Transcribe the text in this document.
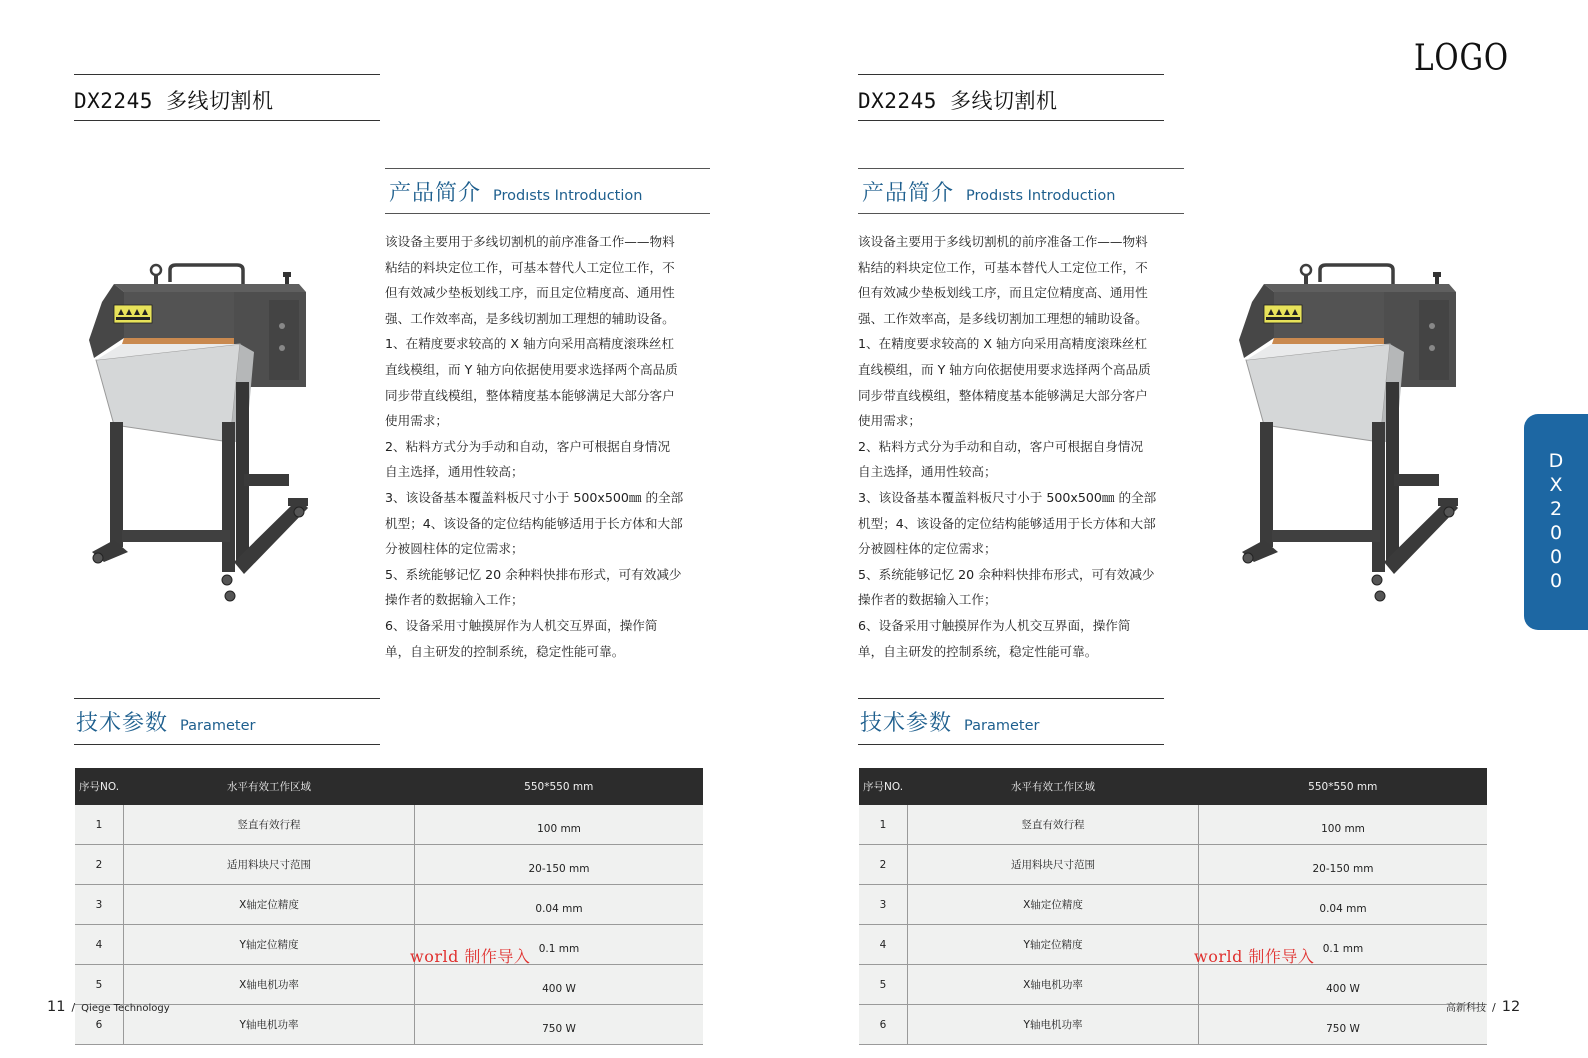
DX2245 多线切割机
产品简介 Prodısts Introduction

该设备主要用于多线切割机的前序准备工作——物料

粘结的料块定位工作，可基本替代人工定位工作，不

但有效减少垫板划线工序，而且定位精度高、通用性

强、工作效率高，是多线切割加工理想的辅助设备。

1、在精度要求较高的 X 轴方向采用高精度滚珠丝杠

直线模组，而 Y 轴方向依据使用要求选择两个高品质

同步带直线模组，整体精度基本能够满足大部分客户

使用需求；

2、粘料方式分为手动和自动，客户可根据自身情况

自主选择，通用性较高；

3、该设备基本覆盖料板尺寸小于 500x500㎜ 的全部

机型；4、该设备的定位结构能够适用于长方体和大部

分被圆柱体的定位需求；

5、系统能够记忆 20 余种料快排布形式，可有效减少

操作者的数据输入工作；

6、设备采用寸触摸屏作为人机交互界面，操作简

单，自主研发的控制系统，稳定性能可靠。

技术参数 Parameter
序号NO.	水平有效工作区域	550*550 mm
1	竖直有效行程	100 mm
2	适用料块尺寸范围	20-150 mm
3	X轴定位精度	0.04 mm
4	Y轴定位精度	0.1 mm
5	X轴电机功率	400 W
6	Y轴电机功率	750 W
world 制作导入
11 / Qiege Technology
DX2245 多线切割机
产品简介 Prodısts Introduction

该设备主要用于多线切割机的前序准备工作——物料

粘结的料块定位工作，可基本替代人工定位工作，不

但有效减少垫板划线工序，而且定位精度高、通用性

强、工作效率高，是多线切割加工理想的辅助设备。

1、在精度要求较高的 X 轴方向采用高精度滚珠丝杠

直线模组，而 Y 轴方向依据使用要求选择两个高品质

同步带直线模组，整体精度基本能够满足大部分客户

使用需求；

2、粘料方式分为手动和自动，客户可根据自身情况

自主选择，通用性较高；

3、该设备基本覆盖料板尺寸小于 500x500㎜ 的全部

机型；4、该设备的定位结构能够适用于长方体和大部

分被圆柱体的定位需求；

5、系统能够记忆 20 余种料快排布形式，可有效减少

操作者的数据输入工作；

6、设备采用寸触摸屏作为人机交互界面，操作简

单，自主研发的控制系统，稳定性能可靠。

技术参数 Parameter
序号NO.	水平有效工作区域	550*550 mm
1	竖直有效行程	100 mm
2	适用料块尺寸范围	20-150 mm
3	X轴定位精度	0.04 mm
4	Y轴定位精度	0.1 mm
5	X轴电机功率	400 W
6	Y轴电机功率	750 W
world 制作导入
高新科技 / 12
LOGO
DX2000
